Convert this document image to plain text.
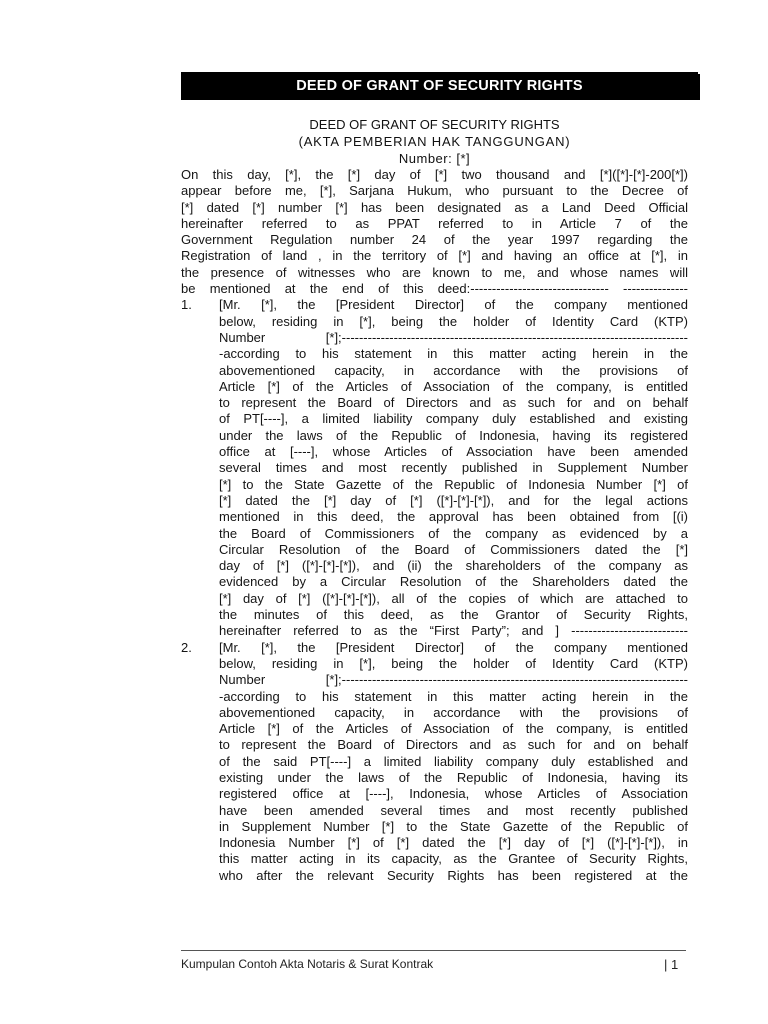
DEED OF GRANT OF SECURITY RIGHTS
DEED OF GRANT OF SECURITY RIGHTS
(AKTA PEMBERIAN HAK TANGGUNGAN)
Number: [*]
On this day, [*], the [*] day of [*] two thousand and [*]([*]-[*]-200[*])
appear before me, [*], Sarjana Hukum, who pursuant to the Decree of
[*] dated [*] number [*] has been designated as a Land Deed Official
hereinafter referred to as PPAT referred to in Article 7 of the
Government Regulation number 24 of the year 1997 regarding the
Registration of land , in the territory of [*] and having an office at [*], in
the presence of witnesses who are known to me, and whose names will
be mentioned at the end of this deed:-------------------------------- ---------------
1. [Mr. [*], the [President Director] of the company mentioned
below, residing in [*], being the holder of Identity Card (KTP)
Number [*];--------------------------------------------------------------------------------
-according to his statement in this matter acting herein in the
abovementioned capacity, in accordance with the provisions of
Article [*] of the Articles of Association of the company, is entitled
to represent the Board of Directors and as such for and on behalf
of PT[----], a limited liability company duly established and existing
under the laws of the Republic of Indonesia, having its registered
office at [----], whose Articles of Association have been amended
several times and most recently published in Supplement Number
[*] to the State Gazette of the Republic of Indonesia Number [*] of
[*] dated the [*] day of [*] ([*]-[*]-[*]), and for the legal actions
mentioned in this deed, the approval has been obtained from [(i)
the Board of Commissioners of the company as evidenced by a
Circular Resolution of the Board of Commissioners dated the [*]
day of [*] ([*]-[*]-[*]), and (ii) the shareholders of the company as
evidenced by a Circular Resolution of the Shareholders dated the
[*] day of [*] ([*]-[*]-[*]), all of the copies of which are attached to
the minutes of this deed, as the Grantor of Security Rights,
hereinafter referred to as the “First Party”; and ] ---------------------------
2. [Mr. [*], the [President Director] of the company mentioned
below, residing in [*], being the holder of Identity Card (KTP)
Number [*];--------------------------------------------------------------------------------
-according to his statement in this matter acting herein in the
abovementioned capacity, in accordance with the provisions of
Article [*] of the Articles of Association of the company, is entitled
to represent the Board of Directors and as such for and on behalf
of the said PT[----] a limited liability company duly established and
existing under the laws of the Republic of Indonesia, having its
registered office at [----], Indonesia, whose Articles of Association
have been amended several times and most recently published
in Supplement Number [*] to the State Gazette of the Republic of
Indonesia Number [*] of [*] dated the [*] day of [*] ([*]-[*]-[*]), in
this matter acting in its capacity, as the Grantee of Security Rights,
who after the relevant Security Rights has been registered at the
Kumpulan Contoh Akta Notaris & Surat Kontrak	| 1
